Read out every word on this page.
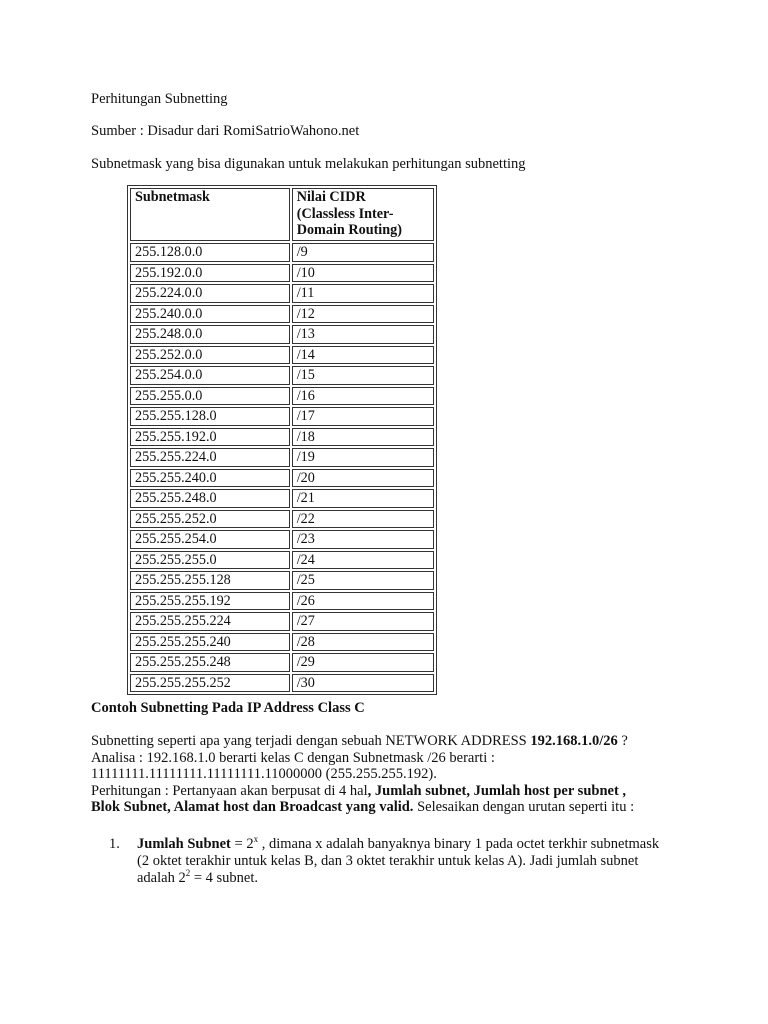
Perhitungan Subnetting
Sumber : Disadur dari RomiSatrioWahono.net
Subnetmask yang bisa digunakan untuk melakukan perhitungan subnetting
Subnetmask	Nilai CIDR
(Classless Inter-
Domain Routing)

255.128.0.0	/9
255.192.0.0	/10
255.224.0.0	/11
255.240.0.0	/12
255.248.0.0	/13
255.252.0.0	/14
255.254.0.0	/15
255.255.0.0	/16
255.255.128.0	/17
255.255.192.0	/18
255.255.224.0	/19
255.255.240.0	/20
255.255.248.0	/21
255.255.252.0	/22
255.255.254.0	/23
255.255.255.0	/24
255.255.255.128	/25
255.255.255.192	/26
255.255.255.224	/27
255.255.255.240	/28
255.255.255.248	/29
255.255.255.252	/30
Contoh Subnetting Pada IP Address Class C
Subnetting seperti apa yang terjadi dengan sebuah NETWORK ADDRESS 192.168.1.0/26 ?
Analisa : 192.168.1.0 berarti kelas C dengan Subnetmask /26 berarti :
11111111.11111111.11111111.11000000 (255.255.255.192).
Perhitungan : Pertanyaan akan berpusat di 4 hal, Jumlah subnet, Jumlah host per subnet ,
Blok Subnet, Alamat host dan Broadcast yang valid. Selesaikan dengan urutan seperti itu :
1. Jumlah Subnet = $2^x$ , dimana x adalah banyaknya binary 1 pada octet terkhir subnetmask
(2 oktet terakhir untuk kelas B, dan 3 oktet terakhir untuk kelas A). Jadi jumlah subnet
adalah $2^2 = 4$ subnet.
